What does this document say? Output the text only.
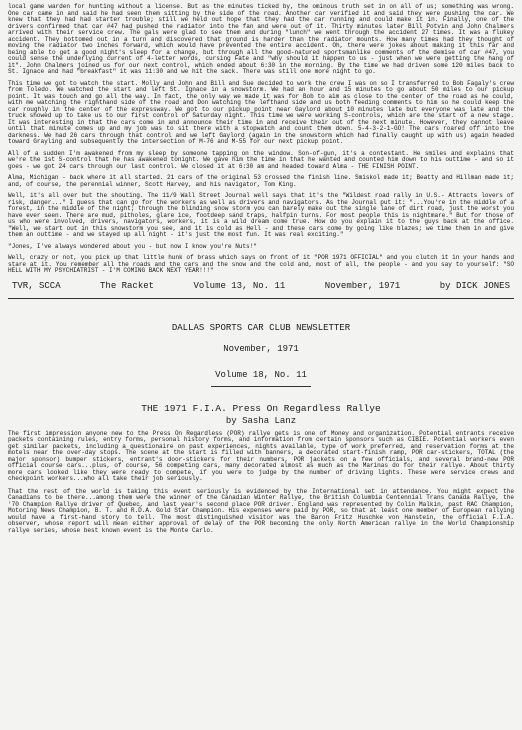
local game warden for hunting without a license. But as the minutes ticked by, the ominous truth set in on all of us; something was wrong. One car came in and said he had seen them sitting by the side of the road. Another car verified it and said they were pushing the car. We knew that they had had starter trouble; still we held out hope that they had the car running and could make it in. Finally, one of the drivers confirmed that car #47 had pushed the radiator into the fan and were out of it. Thirty minutes later Bill Potvin and John Chalmers arrived with their service crew. The gals were glad to see them and during "lunch" we went through the accident 27 times. It was a flukey accident. They bottomed out in a turn and discovered that ground is harder than the radiator mounts. How many times had they thought of moving the radiator two inches forward, which would have prevented the entire accident. Oh, there were jokes about making it this far and being able to get a good night's sleep for a change, but through all the good-natured sportsmanlike comments of the demise of car #47, you could sense the underlying current of 4-letter words, cursing Fate and "why should it happen to us - just when we were getting the hang of it". John Chalmers joined us for our next control, which ended about 6:30 in the morning. By the time we had driven some 120 miles back to St. Ignace and had "breakfast" it was 11:30 and we hit the sack. There was still one more night to go.

This time we got to watch the start. Molly and John and Bill and Sue decided to work the crew I was on so I transferred to Bob Fagaly's crew from Toledo. We watched the start and left St. Ignace in a snowstorm. We had an hour and 15 minutes to go about 50 miles to our pickup point. It was touch and go all the way. In fact, the only way we made it was for Bob to aim as close to the center of the road as he could, with me watching the righthand side of the road and Don watching the lefthand side and us both feeding comments to him so he could keep the car roughly in the center of the expressway. We got to our pickup point near Gaylord about 10 minutes late but everyone was late and the truck showed up to take us to our first control of Saturday night. This time we were working S-controls, which are the start of a new stage. It was interesting in that the cars come in and announce their time in and receive their out of the next minute. However, they cannot leave until that minute comes up and my job was to sit there with a stopwatch and count them down. 5-4-3-2-1-GO! The cars roared off into the darkness. We had 26 cars through that control and we left Gaylord (again in the snowstorm which had finally caught up with us) again headed toward Grayling and subsequently the intersection of M-76 and M-55 for our next pickup point.

All of a sudden I'm awakened from my sleep by someone tapping on the window. Son-of-gun, it's a contestant. He smiles and explains that we're the 1st S-control that he has awakened tonight. We gave him the time in that he wanted and counted him down to his outtime - and so it goes - we got 24 cars through our last control. We closed it at 6:30 am and headed toward Alma - THE FINISH POINT.

Alma, Michigan - back where it all started. 21 cars of the original 53 crossed the finish line. Smiskol made it; Beatty and Hillman made it; and, of course, the perennial winner, Scott Harvey, and his navigator, Tom King.

Well, it's all over but the shouting. The 11/9 Wall Street Journal well says that it's the "Wildest road rally in U.S.- Attracts lovers of risk, danger..." I guess that can go for the workers as well as drivers and navigators. As the Journal put it: "...You're in the middle of a forest, in the middle of the night; through the blinding snow storm you can barely make out the single lane of dirt road, just the worst you have ever seen. There are mud, pitholes, glare ice, footdeep sand traps, halfpin turns. For most people this is nightmare." But for those of us who were involved, drivers, navigators, workers, it is a wild dream come true. How do you explain it to the guys back at the office. "Well, we start out in this snowstorm you see, and it is cold as Hell - and these cars come by going like blazes; we time them in and give them an outtime - and we stayed up all night - it's just the most fun. It was real exciting."

"Jones, I've always wondered about you - but now I know you're Nuts!"

Well, crazy or not, you pick up that little hunk of brass which says on front of it "POR 1971 OFFICIAL" and you clutch it in your hands and stare at it. You remember all the roads and the cars and the snow and the cold and, most of all, the people - and you say to yourself: "SO HELL WITH MY PSYCHIATRIST - I'M COMING BACK NEXT YEAR!!!"

TVR, SCCA	The Racket	Volume 13, No. 11	November, 1971	by DICK JONES
DALLAS SPORTS CAR CLUB NEWSLETTER
November, 1971
Volume 18, No. 11
THE 1971 F.I.A. Press On Regardless Rallye
by Sasha Lanz

The first impression anyone new to the Press On Regardless (POR) rallye gets is one of Money and organization. Potential entrants receive packets containing rules, entry forms, personal history forms, and information from certain sponsors such as CIBIE. Potential workers even get similar packets, including a questionaire on past experiences, nights available, type of work preferred, and reservation forms at the motels near the over-day stops. The scene at the start is filled with banners, a decorated start-finish ramp, POR car-stickers, TOTAL (the major sponsor) bumper stickers, entrant's door-stickers for their numbers, POR jackets on a few officials, and several brand-new POR official course cars...plus, of course, 56 competing cars, many decorated almost as much as the Marinas do for their rallye. About thirty more cars looked like they were ready to compete, if you were to judge by the number of driving lights. These were service crews and checkpoint workers...who all take their job seriously.

That the rest of the world is taking this event seriously is evidenced by the International set in attendance. You might expect the Canadians to be there...among them were the winner of the Canadian Winter Rallye, the British Columbia Centennial Trans Canada Rallye, the '70 Champion Rallye driver of Quebec, and last year's second place POR driver. England was represented by Colin Malkin, past RAC Champion, Motoring News Champion, B. T. and R.D.A. Gold Star Champion. His expenses were paid by POR, so that at least one member of European rallying would have a first-hand story to tell. The most distinguished visitor was the Baron Fritz Huschke von Hanstein, the official F.I.A. observer, whose report will mean either approval of delay of the POR becoming the only North American rallye in the World Championship rallye series, whose best known event is the Monte Carlo.
